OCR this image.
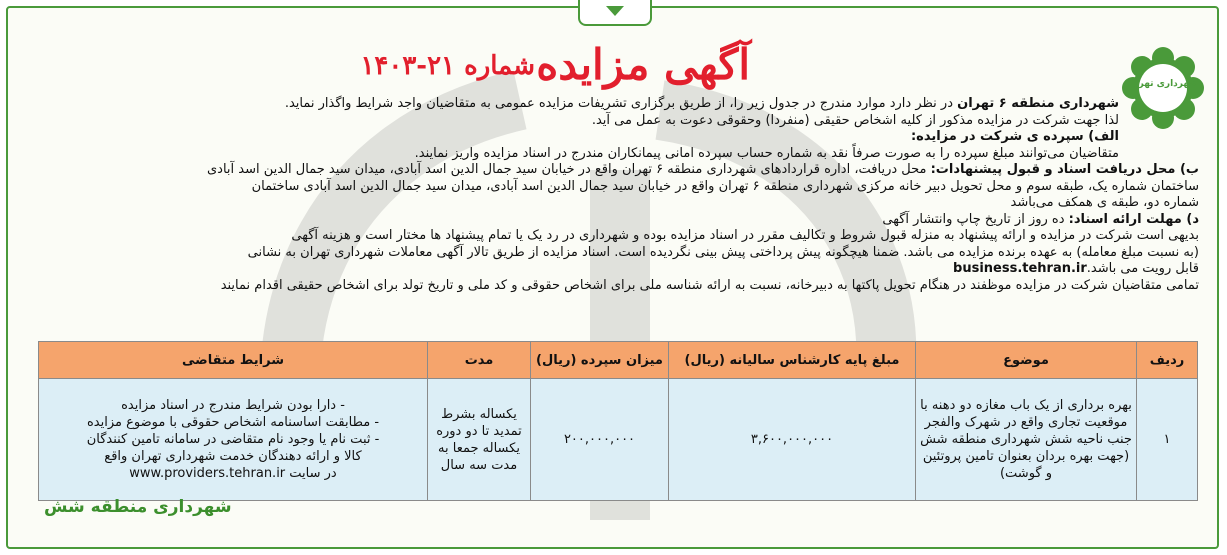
آگهی مزایده
شماره ۲۱-۱۴۰۳
شهرداری تهران

شهرداری منطقه ۶ تهران در نظر دارد موارد مندرج در جدول زیر را، از طریق برگزاری تشریفات مزایده عمومی به متقاضیان واجد شرایط واگذار نماید.

لذا جهت شرکت در مزایده مذکور از کلیه اشخاص حقیقی (منفردا) وحقوقی دعوت به عمل می آید.

الف) سپرده ی شرکت در مزایده:

متقاضیان می‌توانند مبلغ سپرده را به صورت صرفاً نقد به شماره حساب سپرده امانی پیمانکاران مندرج در اسناد مزایده واریز نمایند.

ب) محل دریافت اسناد و قبول پیشنهادات: محل دریافت، اداره قراردادهای شهرداری منطقه ۶ تهران واقع در خیابان سید جمال الدین اسد آبادی، میدان سید جمال الدین اسد آبادی

ساختمان شماره یک، طبقه سوم و محل تحویل دبیر خانه مرکزی شهرداری منطقه ۶ تهران واقع در خیابان سید جمال الدین اسد آبادی، میدان سید جمال الدین اسد آبادی ساختمان

شماره دو، طبقه ی همکف می‌باشد

د) مهلت ارائه اسناد: ده روز از تاریخ چاپ وانتشار آگهی

بدیهی است شرکت در مزایده و ارائه پیشنهاد به منزله قبول شروط و تکالیف مقرر در اسناد مزایده بوده و شهرداری در رد یک یا تمام پیشنهاد ها مختار است و هزینه آگهی

(به نسبت مبلغ معامله) به عهده برنده مزایده می باشد. ضمنا هیچگونه پیش پرداختی پیش بینی نگردیده است. اسناد مزایده از طریق تالار آگهی معاملات شهرداری تهران به نشانی

قابل رویت می باشد.business.tehran.ir

تمامی متقاضیان شرکت در مزایده موظفند در هنگام تحویل پاکتها به دبیرخانه، نسبت به ارائه شناسه ملی برای اشخاص حقوقی و کد ملی و تاریخ تولد برای اشخاص حقیقی اقدام نمایند

ردیف	موضوع	مبلغ پایه کارشناس سالیانه (ریال)	میزان سپرده (ریال)	مدت	شرایط متقاضی
۱	بهره برداری از یک باب مغازه دو دهنه با موقعیت تجاری واقع در شهرک والفجر جنب ناحیه شش شهرداری منطقه شش (جهت بهره بردان بعنوان تامین پروتئین و گوشت)	۳,۶۰۰,۰۰۰,۰۰۰	۲۰۰,۰۰۰,۰۰۰	یکساله بشرط تمدید تا دو دوره یکساله جمعا به مدت سه سال	- دارا بودن شرایط مندرج در اسناد مزایده
- مطابقت اساسنامه اشخاص حقوقی با موضوع مزایده
- ثبت نام یا وجود نام متقاضی در سامانه تامین کنندگان
کالا و ارائه دهندگان خدمت شهرداری تهران واقع
در سایت www.providers.tehran.ir
شهرداری منطقه شش
